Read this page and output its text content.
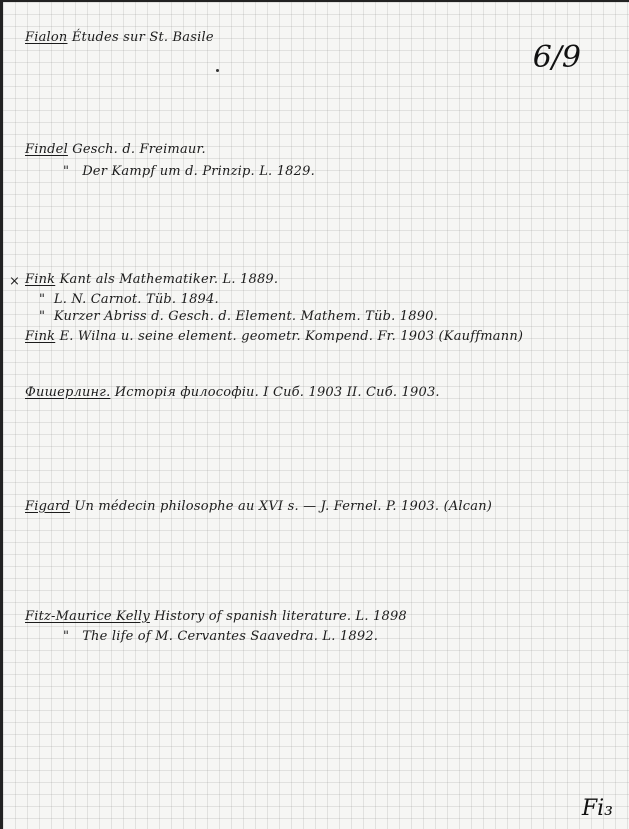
6/9
Fialon Études sur St. Basile
Findel Gesch. d. Freimaur.
" Der Kampf um d. Prinzip. L. 1829.
× Fink Kant als Mathematiker. L. 1889.
" L. N. Carnot. Tüb. 1894.
" Kurzer Abriss d. Gesch. d. Element. Mathem. Tüb. 1890.
Fink E. Wilna u. seine element. geometr. Kompend. Fr. 1903 (Kauffmann)
Фишерлинг. Исторія философіи. I Сиб. 1903 II. Сиб. 1903.
Figard Un médecin philosophe au XVI s. — J. Fernel. P. 1903. (Alcan)
Fitz-Maurice Kelly History of spanish literature. L. 1898
" The life of M. Cervantes Saavedra. L. 1892.
Fi₃
